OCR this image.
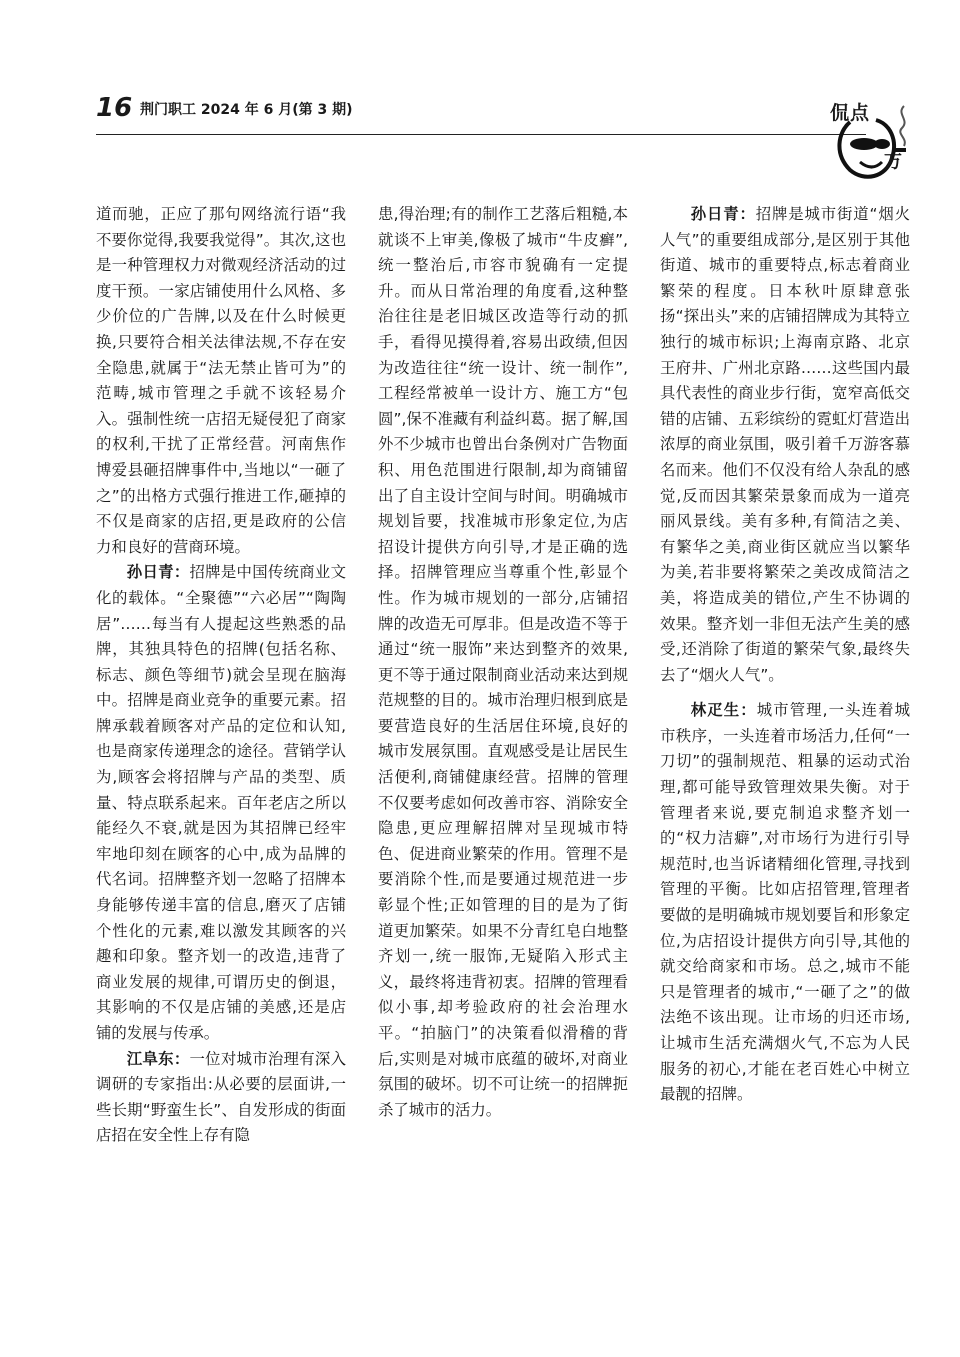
16 荆门职工 2024 年 6 月(第 3 期)	侃点
万

道而驰，正应了那句网络流行语“我不要你觉得,我要我觉得”。其次,这也是一种管理权力对微观经济活动的过度干预。一家店铺使用什么风格、多少价位的广告牌,以及在什么时候更换,只要符合相关法律法规,不存在安全隐患,就属于“法无禁止皆可为”的范畴,城市管理之手就不该轻易介入。强制性统一店招无疑侵犯了商家的权利,干扰了正常经营。河南焦作博爱县砸招牌事件中,当地以“一砸了之”的出格方式强行推进工作,砸掉的不仅是商家的店招,更是政府的公信力和良好的营商环境。

孙日青：招牌是中国传统商业文化的载体。“全聚德”“六必居”“陶陶居”……每当有人提起这些熟悉的品牌，其独具特色的招牌(包括名称、标志、颜色等细节)就会呈现在脑海中。招牌是商业竞争的重要元素。招牌承载着顾客对产品的定位和认知,也是商家传递理念的途径。营销学认为,顾客会将招牌与产品的类型、质量、特点联系起来。百年老店之所以能经久不衰,就是因为其招牌已经牢牢地印刻在顾客的心中,成为品牌的代名词。招牌整齐划一忽略了招牌本身能够传递丰富的信息,磨灭了店铺个性化的元素,难以激发其顾客的兴趣和印象。整齐划一的改造,违背了商业发展的规律,可谓历史的倒退，其影响的不仅是店铺的美感,还是店铺的发展与传承。

江阜东：一位对城市治理有深入调研的专家指出:从必要的层面讲,一些长期“野蛮生长”、自发形成的街面店招在安全性上存有隐

患,得治理;有的制作工艺落后粗糙,本就谈不上审美,像极了城市“牛皮癣”,统一整治后,市容市貌确有一定提升。而从日常治理的角度看,这种整治往往是老旧城区改造等行动的抓手，看得见摸得着,容易出政绩,但因为改造往往“统一设计、统一制作”,工程经常被单一设计方、施工方“包圆”,保不准藏有利益纠葛。据了解,国外不少城市也曾出台条例对广告物面积、用色范围进行限制,却为商铺留出了自主设计空间与时间。明确城市规划旨要，找准城市形象定位,为店招设计提供方向引导,才是正确的选择。招牌管理应当尊重个性,彰显个性。作为城市规划的一部分,店铺招牌的改造无可厚非。但是改造不等于通过“统一服饰”来达到整齐的效果,更不等于通过限制商业活动来达到规范规整的目的。城市治理归根到底是要营造良好的生活居住环境,良好的城市发展氛围。直观感受是让居民生活便利,商铺健康经营。招牌的管理不仅要考虑如何改善市容、消除安全隐患,更应理解招牌对呈现城市特色、促进商业繁荣的作用。管理不是要消除个性,而是要通过规范进一步彰显个性;正如管理的目的是为了街道更加繁荣。如果不分青红皂白地整齐划一,统一服饰,无疑陷入形式主义，最终将违背初衷。招牌的管理看似小事,却考验政府的社会治理水平。“拍脑门”的决策看似滑稽的背后,实则是对城市底蕴的破坏,对商业氛围的破坏。切不可让统一的招牌扼杀了城市的活力。

孙日青：招牌是城市街道“烟火人气”的重要组成部分,是区别于其他街道、城市的重要特点,标志着商业繁荣的程度。日本秋叶原肆意张扬“探出头”来的店铺招牌成为其特立独行的城市标识;上海南京路、北京王府井、广州北京路……这些国内最具代表性的商业步行街，宽窄高低交错的店铺、五彩缤纷的霓虹灯营造出浓厚的商业氛围，吸引着千万游客慕名而来。他们不仅没有给人杂乱的感觉,反而因其繁荣景象而成为一道亮丽风景线。美有多种,有简洁之美、有繁华之美,商业街区就应当以繁华为美,若非要将繁荣之美改成简洁之美，将造成美的错位,产生不协调的效果。整齐划一非但无法产生美的感受,还消除了街道的繁荣气象,最终失去了“烟火人气”。

林疋生：城市管理,一头连着城市秩序，一头连着市场活力,任何“一刀切”的强制规范、粗暴的运动式治理,都可能导致管理效果失衡。对于管理者来说,要克制追求整齐划一的“权力洁癖”,对市场行为进行引导规范时,也当诉诸精细化管理,寻找到管理的平衡。比如店招管理,管理者要做的是明确城市规划要旨和形象定位,为店招设计提供方向引导,其他的就交给商家和市场。总之,城市不能只是管理者的城市,“一砸了之”的做法绝不该出现。让市场的归还市场,让城市生活充满烟火气,不忘为人民服务的初心,才能在老百姓心中树立最靓的招牌。
